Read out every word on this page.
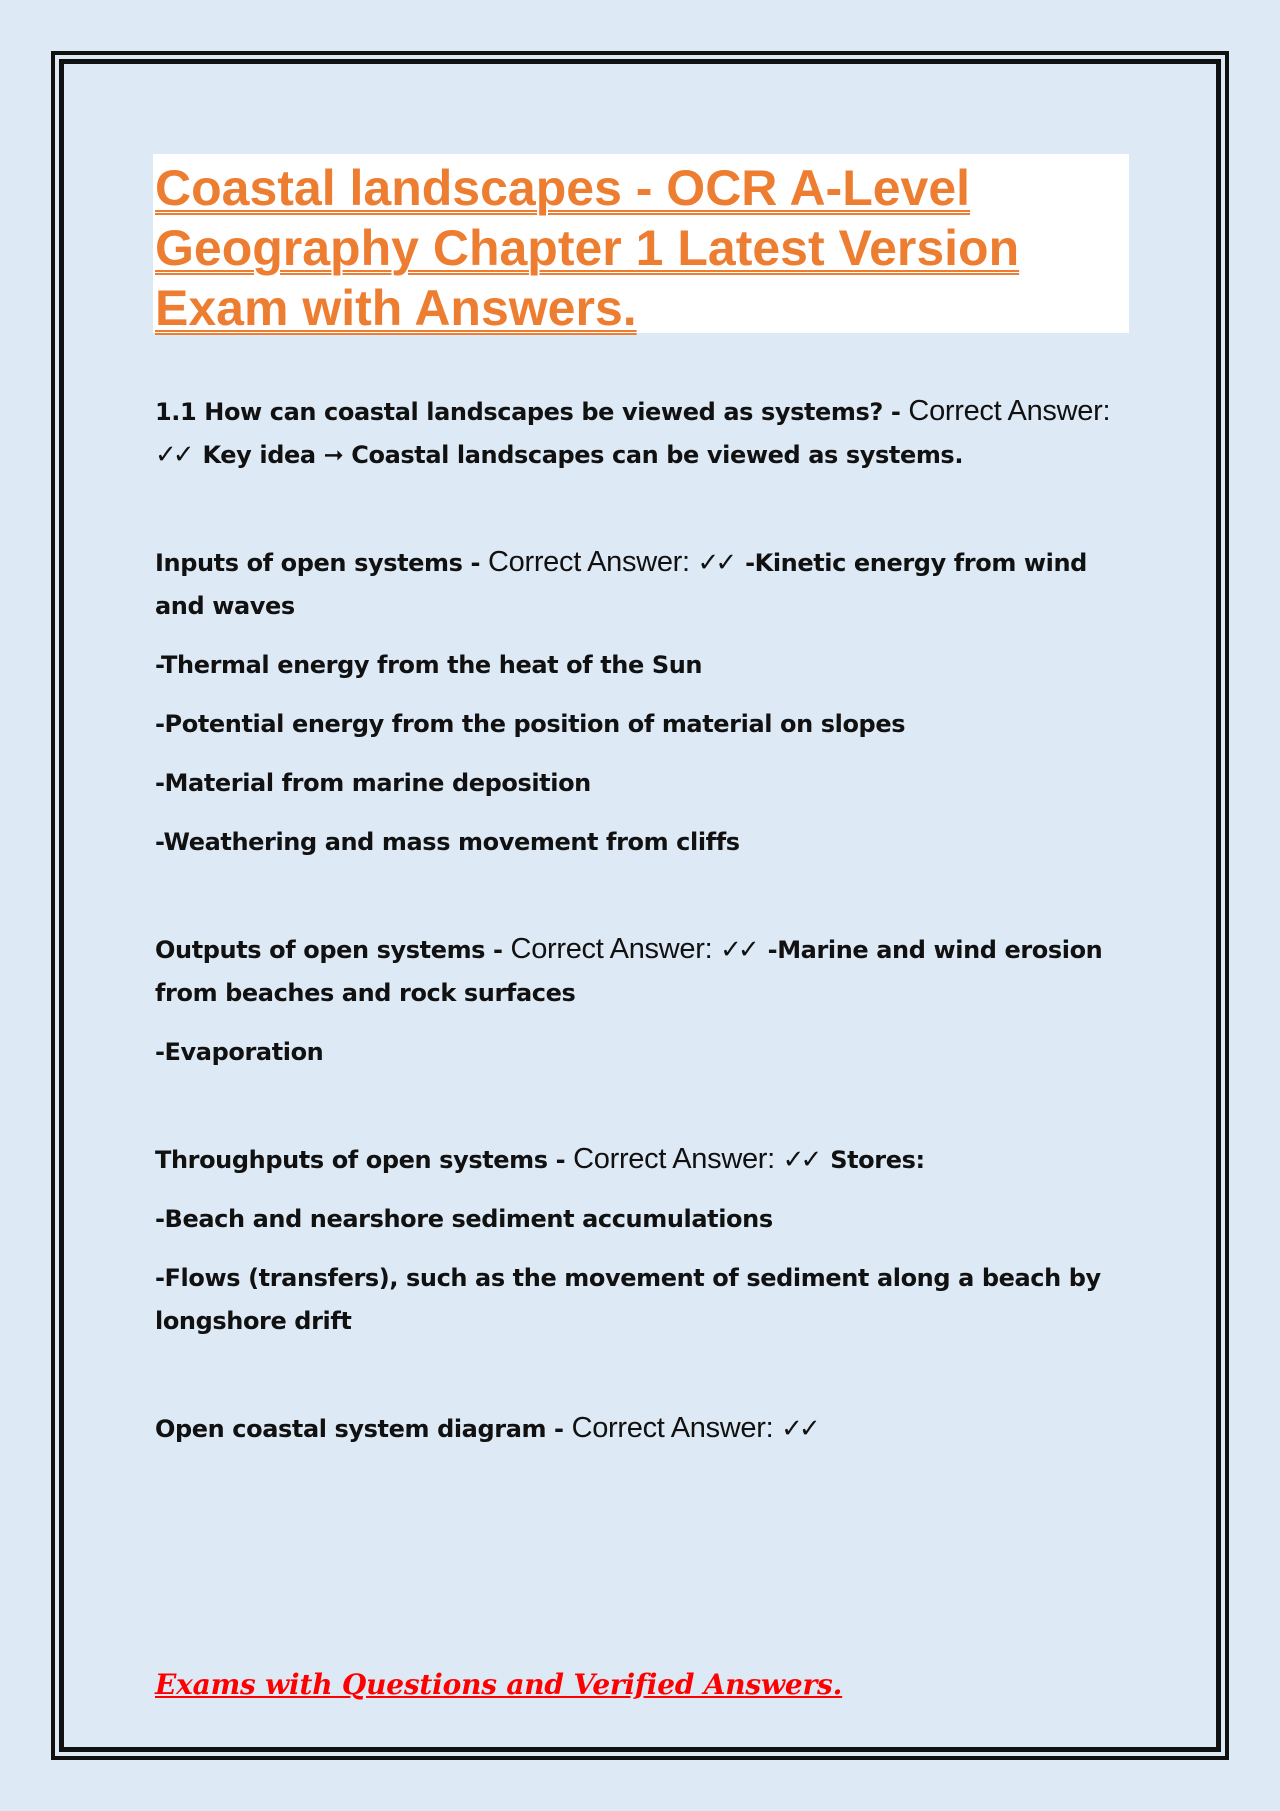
Coastal landscapes - OCR A-Level Geography Chapter 1 Latest Version Exam with Answers.

1.1 How can coastal landscapes be viewed as systems? - Correct Answer:
✓✓ Key idea ➞ Coastal landscapes can be viewed as systems.

Inputs of open systems - Correct Answer: ✓✓ -Kinetic energy from wind and waves

-Thermal energy from the heat of the Sun

-Potential energy from the position of material on slopes

-Material from marine deposition

-Weathering and mass movement from cliffs

Outputs of open systems - Correct Answer: ✓✓ -Marine and wind erosion from beaches and rock surfaces

-Evaporation

Throughputs of open systems - Correct Answer: ✓✓ Stores:

-Beach and nearshore sediment accumulations

-Flows (transfers), such as the movement of sediment along a beach by longshore drift

Open coastal system diagram - Correct Answer: ✓✓

Exams with Questions and Verified Answers.
